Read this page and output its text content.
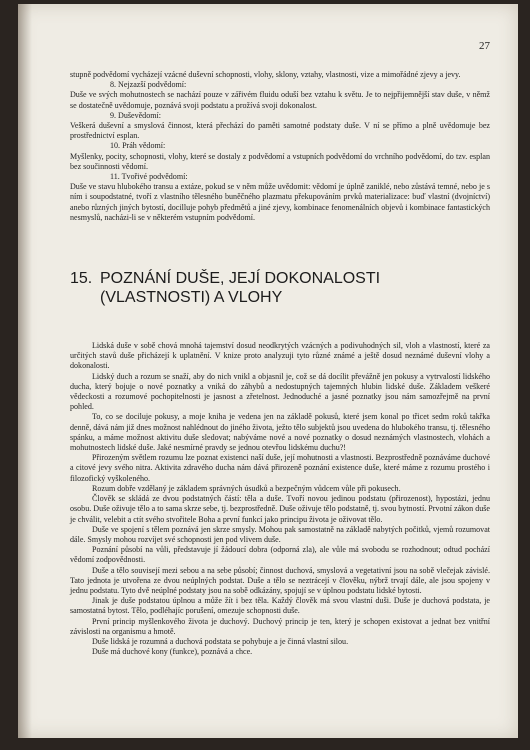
27

stupně podvědomí vycházejí vzácné duševní schopnosti, vlohy, sklony, vztahy, vlastnosti, vize a mimořádné zjevy a jevy.

8. Nejzazší podvědomí:

Duše ve svých mohutnostech se nachází pouze v zářivém fluidu oduší bez vztahu k světu. Je to nejpřijemnější stav duše, v němž se dostatečně uvědomuje, poznává svoji podstatu a prožívá svoji dokonalost.

9. Duševědomí:

Veškerá duševní a smyslová činnost, která přechází do paměti samotné podstaty duše. V ní se přímo a plně uvědomuje bez prostřednictví esplan.

10. Práh vědomí:

Myšlenky, pocity, schopnosti, vlohy, které se dostaly z podvědomí a vstupních podvědomí do vrchního podvědomí, do tzv. esplan bez součinnosti vědomí.

11. Tvořivé podvědomí:

Duše ve stavu hlubokého transu a extáze, pokud se v něm může uvědomit: vědomí je úplně zaniklé, nebo zůstává temné, nebo je s ním i soupodstatné, tvoří z vlastního tělesného buněčného plazmatu překupováním prvků materializace: buď vlastní (dvojníctví) anebo různých jiných bytostí, docilluje pohyb předmětů a jiné zjevy, kombinace fenomenálních objevů i kombinace fantastických nesmyslů, nacházi-li se v některém vstupním podvědomí.

15. POZNÁNÍ DUŠE, JEJÍ DOKONALOSTI
(VLASTNOSTI) A VLOHY

Lidská duše v sobě chová mnohá tajemství dosud neodkrytých vzácných a podivuhodných sil, vloh a vlastností, které za určitých stavů duše přicházejí k uplatnění. V knize proto analyzuji tyto různé známé a ještě dosud neznámé duševní vlohy a dokonalosti.

Lidský duch a rozum se snaží, aby do nich vnikl a objasnil je, což se dá docílit převážně jen pokusy a vytrvalostí lidského ducha, který bojuje o nové poznatky a vniká do záhybů a nedostupných tajemných hlubin lidské duše. Základem veškeré vědeckosti a rozumové pochopitelnosti je jasnost a zřetelnost. Jednoduché a jasné poznatky jsou nám samozřejmě na první pohled.

To, co se dociluje pokusy, a moje kniha je vedena jen na základě pokusů, které jsem konal po třicet sedm roků takřka denně, dává nám již dnes možnost nahlédnout do jiného života, ježto tělo subjektů jsou uvedena do hlubokého transu, tj. tělesného spánku, a máme možnost aktivitu duše sledovat; nabýváme nové a nové poznatky o dosud neznámých vlastnostech, vlohách a mohutnostech lidské duše. Jaké nesmírné pravdy se jednou otevřou lidskému duchu?!

Přirozeným světlem rozumu lze poznat existenci naší duše, její mohutnosti a vlastnosti. Bezprostředně poznáváme duchové a citové jevy svého nitra. Aktivita zdravého ducha nám dává přirozeně poznání existence duše, které máme z rozumu prostého i filozofický vyškoleného.

Rozum dobře vzdělaný je základem správných úsudků a bezpečným vůdcem vůle při pokusech.

Člověk se skládá ze dvou podstatných částí: těla a duše. Tvoří novou jedinou podstatu (přirozenost), hypostázi, jednu osobu. Duše oživuje tělo a to sama skrze sebe, tj. bezprostředně. Duše oživuje tělo podstatně, tj. svou bytností. Prvotní zákon duše je chválit, velebit a ctít svého stvořitele Boha a první funkcí jako principu života je oživovat tělo.

Duše ve spojení s tělem poznává jen skrze smysly. Mohou pak samostatně na základě nabytých počitků, vjemů rozumovat dále. Smysly mohou rozvíjet své schopnosti jen pod vlivem duše.

Poznání působí na vůli, představuje jí žádoucí dobra (odporná zla), ale vůle má svobodu se rozhodnout; odtud pochází vědomí zodpovědnosti.

Duše a tělo souvisejí mezi sebou a na sebe působí; činnost duchová, smyslová a vegetativní jsou na sobě vlečejak závislé. Tato jednota je utvořena ze dvou neúplných podstat. Duše a tělo se neztrácejí v člověku, nýbrž trvají dále, ale jsou spojeny v jednu podstatu. Tyto dvě neúplné podstaty jsou na sobě odkázány, spojují se v úplnou podstatu lidské bytosti.

Jinak je duše podstatou úplnou a může žít i bez těla. Každý člověk má svou vlastní duši. Duše je duchová podstata, je samostatná bytost. Tělo, podléhajíc porušení, omezuje schopnosti duše.

První princip myšlenkového života je duchový. Duchový princip je ten, který je schopen existovat a jednat bez vnitřní závislosti na organismu a hmotě.

Duše lidská je rozumná a duchová podstata se pohybuje a je činná vlastní silou.

Duše má duchové kony (funkce), poznává a chce.
